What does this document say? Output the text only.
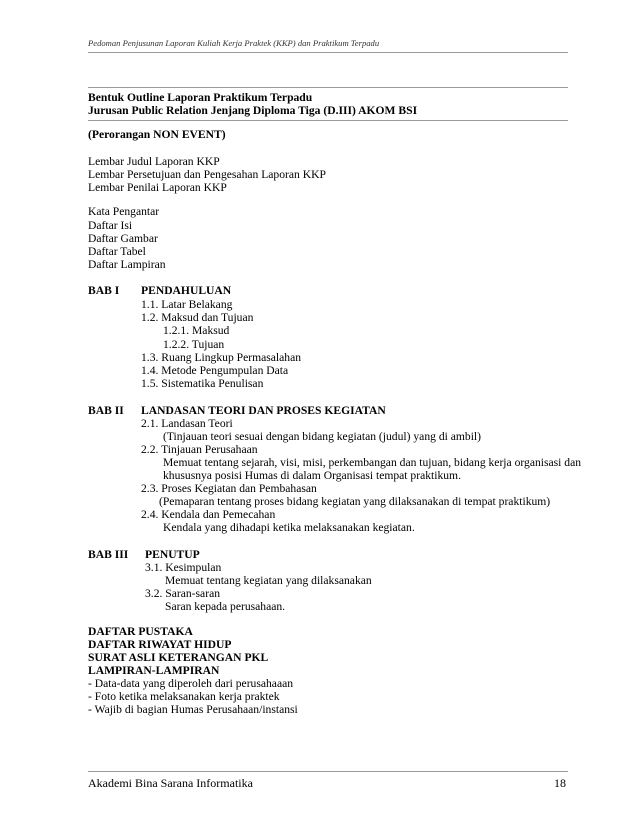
Pedoman Penjusunan Laporan Kuliah Kerja Praktek (KKP) dan Praktikum Terpadu
Bentuk Outline Laporan Praktikum Terpadu
Jurusan Public Relation Jenjang Diploma Tiga (D.III) AKOM BSI
(Perorangan NON EVENT)
Lembar Judul Laporan KKP
Lembar Persetujuan dan Pengesahan Laporan KKP
Lembar Penilai Laporan KKP
Kata Pengantar
Daftar Isi
Daftar Gambar
Daftar Tabel
Daftar Lampiran
BAB I PENDAHULUAN
1.1. Latar Belakang
1.2. Maksud dan Tujuan
1.2.1. Maksud
1.2.2. Tujuan
1.3. Ruang Lingkup Permasalahan
1.4. Metode Pengumpulan Data
1.5. Sistematika Penulisan
BAB II LANDASAN TEORI DAN PROSES KEGIATAN
2.1. Landasan Teori
(Tinjauan teori sesuai dengan bidang kegiatan (judul) yang di ambil)
2.2. Tinjauan Perusahaan
Memuat tentang sejarah, visi, misi, perkembangan dan tujuan, bidang kerja organisasi dan
khususnya posisi Humas di dalam Organisasi tempat praktikum.
2.3. Proses Kegiatan dan Pembahasan
(Pemaparan tentang proses bidang kegiatan yang dilaksanakan di tempat praktikum)
2.4. Kendala dan Pemecahan
Kendala yang dihadapi ketika melaksanakan kegiatan.
BAB III PENUTUP
3.1. Kesimpulan
Memuat tentang kegiatan yang dilaksanakan
3.2. Saran-saran
Saran kepada perusahaan.
DAFTAR PUSTAKA
DAFTAR RIWAYAT HIDUP
SURAT ASLI KETERANGAN PKL
LAMPIRAN-LAMPIRAN
- Data-data yang diperoleh dari perusahaaan
- Foto ketika melaksanakan kerja praktek
- Wajib di bagian Humas Perusahaan/instansi
Akademi Bina Sarana Informatika	18
